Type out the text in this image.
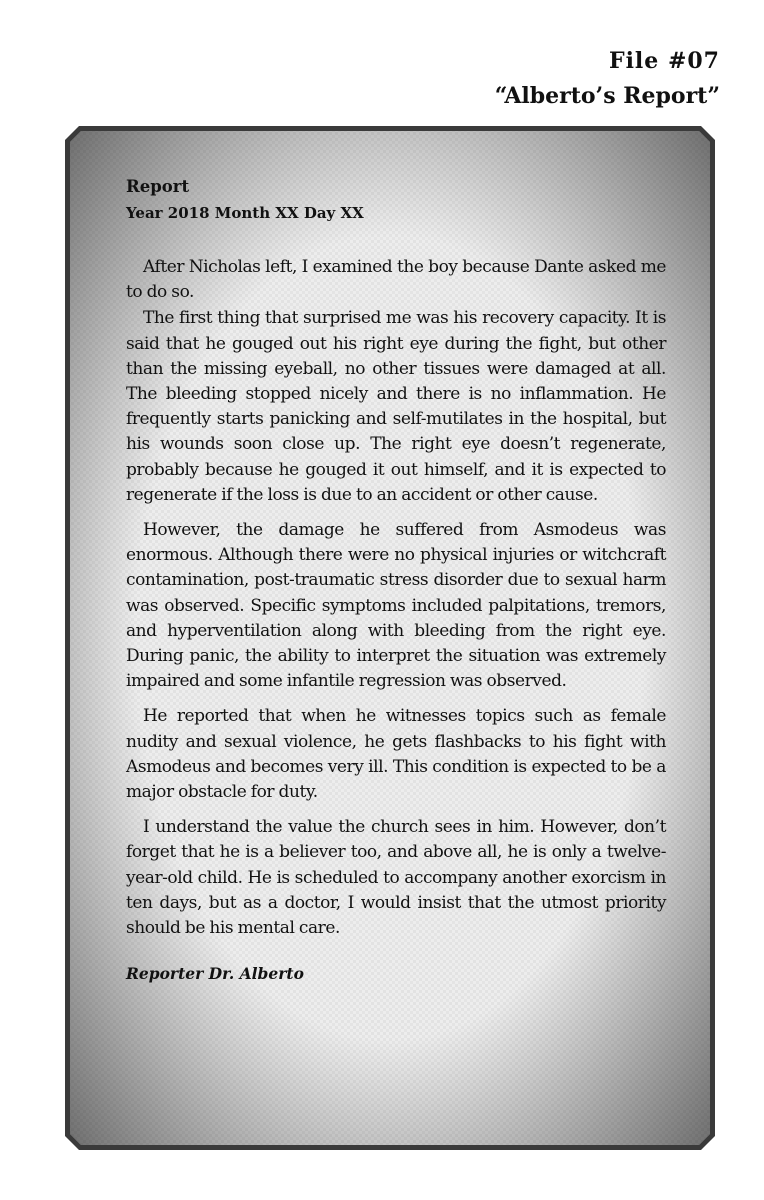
File #07
“Alberto’s Report”
Report
Year 2018 Month XX Day XX

After Nicholas left, I examined the boy because Dante asked me to do so.

The first thing that surprised me was his recovery capacity. It is said that he gouged out his right eye during the fight, but other than the missing eyeball, no other tissues were damaged at all. The bleeding stopped nicely and there is no inflammation. He frequently starts panicking and self-mutilates in the hospital, but his wounds soon close up. The right eye doesn’t regenerate, probably because he gouged it out himself, and it is expected to regenerate if the loss is due to an accident or other cause.

However, the damage he suffered from Asmodeus was enormous. Although there were no physical injuries or witchcraft contamination, post-traumatic stress disorder due to sexual harm was observed. Specific symptoms included palpitations, tremors, and hyperventilation along with bleeding from the right eye. During panic, the ability to interpret the situation was extremely impaired and some infantile regression was observed.

He reported that when he witnesses topics such as female nudity and sexual violence, he gets flashbacks to his fight with Asmodeus and becomes very ill. This condition is expected to be a major obstacle for duty.

I understand the value the church sees in him. However, don’t forget that he is a believer too, and above all, he is only a twelve-year-old child. He is scheduled to accompany another exorcism in ten days, but as a doctor, I would insist that the utmost priority should be his mental care.

Reporter Dr. Alberto
